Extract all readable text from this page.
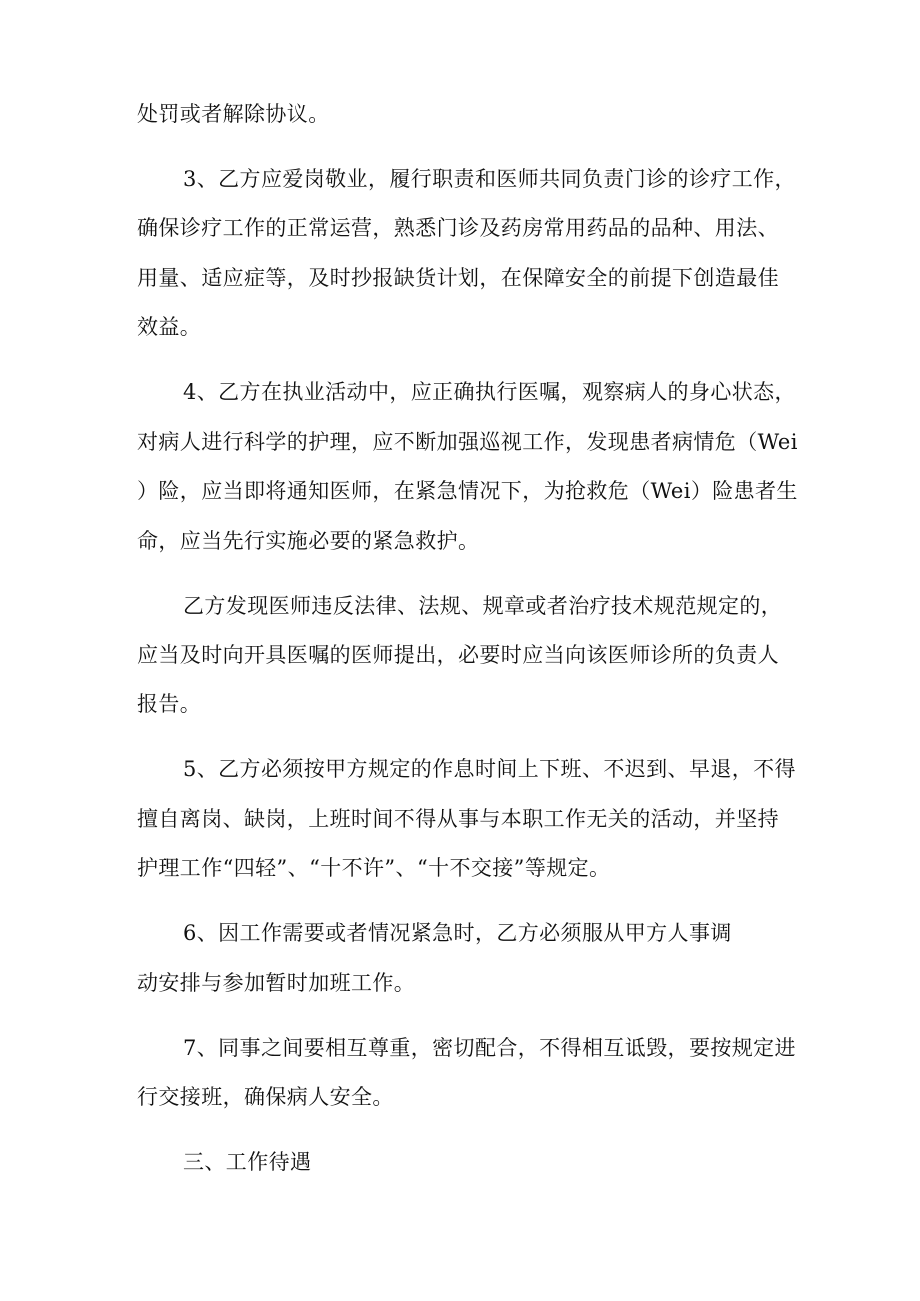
处罚或者解除协议。
3、乙方应爱岗敬业，履行职责和医师共同负责门诊的诊疗工作，
确保诊疗工作的正常运营，熟悉门诊及药房常用药品的品种、用法、
用量、适应症等，及时抄报缺货计划，在保障安全的前提下创造最佳
效益。
4、乙方在执业活动中，应正确执行医嘱，观察病人的身心状态，
对病人进行科学的护理，应不断加强巡视工作，发现患者病情危（Wei
）险，应当即将通知医师，在紧急情况下，为抢救危（Wei）险患者生
命，应当先行实施必要的紧急救护。
乙方发现医师违反法律、法规、规章或者治疗技术规范规定的，
应当及时向开具医嘱的医师提出，必要时应当向该医师诊所的负责人
报告。
5、乙方必须按甲方规定的作息时间上下班、不迟到、早退，不得
擅自离岗、缺岗，上班时间不得从事与本职工作无关的活动，并坚持
护理工作“四轻”、“十不许”、“十不交接”等规定。
6、因工作需要或者情况紧急时，乙方必须服从甲方人事调
动安排与参加暂时加班工作。
7、同事之间要相互尊重，密切配合，不得相互诋毁，要按规定进
行交接班，确保病人安全。
三、工作待遇
